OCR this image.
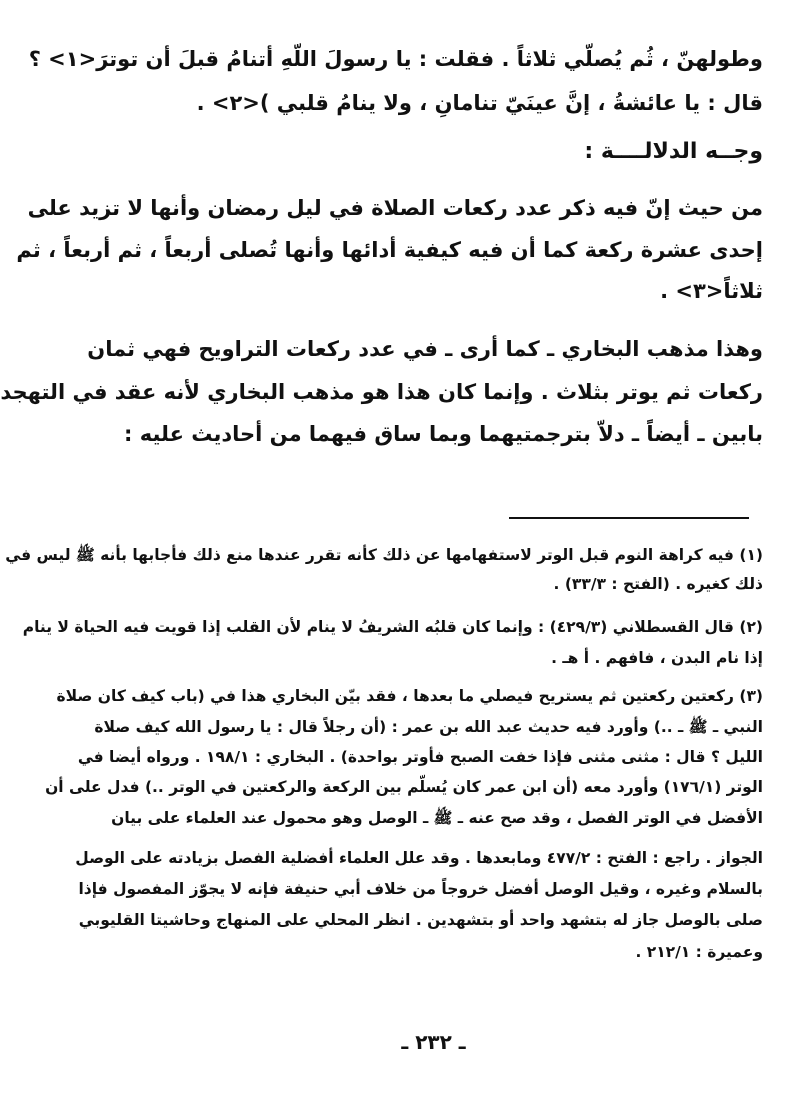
وطولهنّ ، ثُم يُصلّي ثلاثاً . فقلت : يا رسولَ اللّهِ أتنامُ قبلَ أن توترَ<١> ؟
قال : يا عائشةُ ، إنَّ عينَيّ تنامانِ ، ولا ينامُ قلبي )<٢> .
وجــه الدلالــــة :
من حيث إنّ فيه ذكر عدد ركعات الصلاة في ليل رمضان وأنها لا تزيد على
إحدى عشرة ركعة كما أن فيه كيفية أدائها وأنها تُصلى أربعاً ، ثم أربعاً ، ثم
ثلاثاً<٣> .
وهذا مذهب البخاري ـ كما أرى ـ في عدد ركعات التراويح فهي ثمان
ركعات ثم يوتر بثلاث . وإنما كان هذا هو مذهب البخاري لأنه عقد في التهجد
بابين ـ أيضاً ـ دلاّ بترجمتيهما وبما ساق فيهما من أحاديث عليه :
(١) فيه كراهة النوم قبل الوتر لاستفهامها عن ذلك كأنه تقرر عندها منع ذلك فأجابها بأنه ﷺ ليس في
ذلك كغيره . (الفتح : ٣٣/٣) .
(٢) قال القسطلاني (٤٢٩/٣) : وإنما كان قلبُه الشريفُ لا ينام لأن القلب إذا قويت فيه الحياة لا ينام
إذا نام البدن ، فافهم . أ هـ .
(٣) ركعتين ركعتين ثم يستريح فيصلي ما بعدها ، فقد بيّن البخاري هذا في (باب كيف كان صلاة
النبي ـ ﷺ ـ ..) وأورد فيه حديث عبد الله بن عمر : (أن رجلاً قال : يا رسول الله كيف صلاة
الليل ؟ قال : مثنى مثنى فإذا خفت الصبح فأوتر بواحدة) . البخاري : ١٩٨/١ . ورواه أيضا في
الوتر (١٧٦/١) وأورد معه (أن ابن عمر كان يُسلّم بين الركعة والركعتين في الوتر ..) فدل على أن
الأفضل في الوتر الفصل ، وقد صح عنه ـ ﷺ ـ الوصل وهو محمول عند العلماء على بيان
الجواز . راجع : الفتح : ٤٧٧/٢ ومابعدها . وقد علل العلماء أفضلية الفصل بزيادته على الوصل
بالسلام وغيره ، وقيل الوصل أفضل خروجاً من خلاف أبي حنيفة فإنه لا يجوّز المفصول فإذا
صلى بالوصل جاز له بتشهد واحد أو بتشهدين . انظر المحلي على المنهاج وحاشيتا القليوبي
وعميرة : ٢١٢/١ .
ـ ٢٣٢ ـ
